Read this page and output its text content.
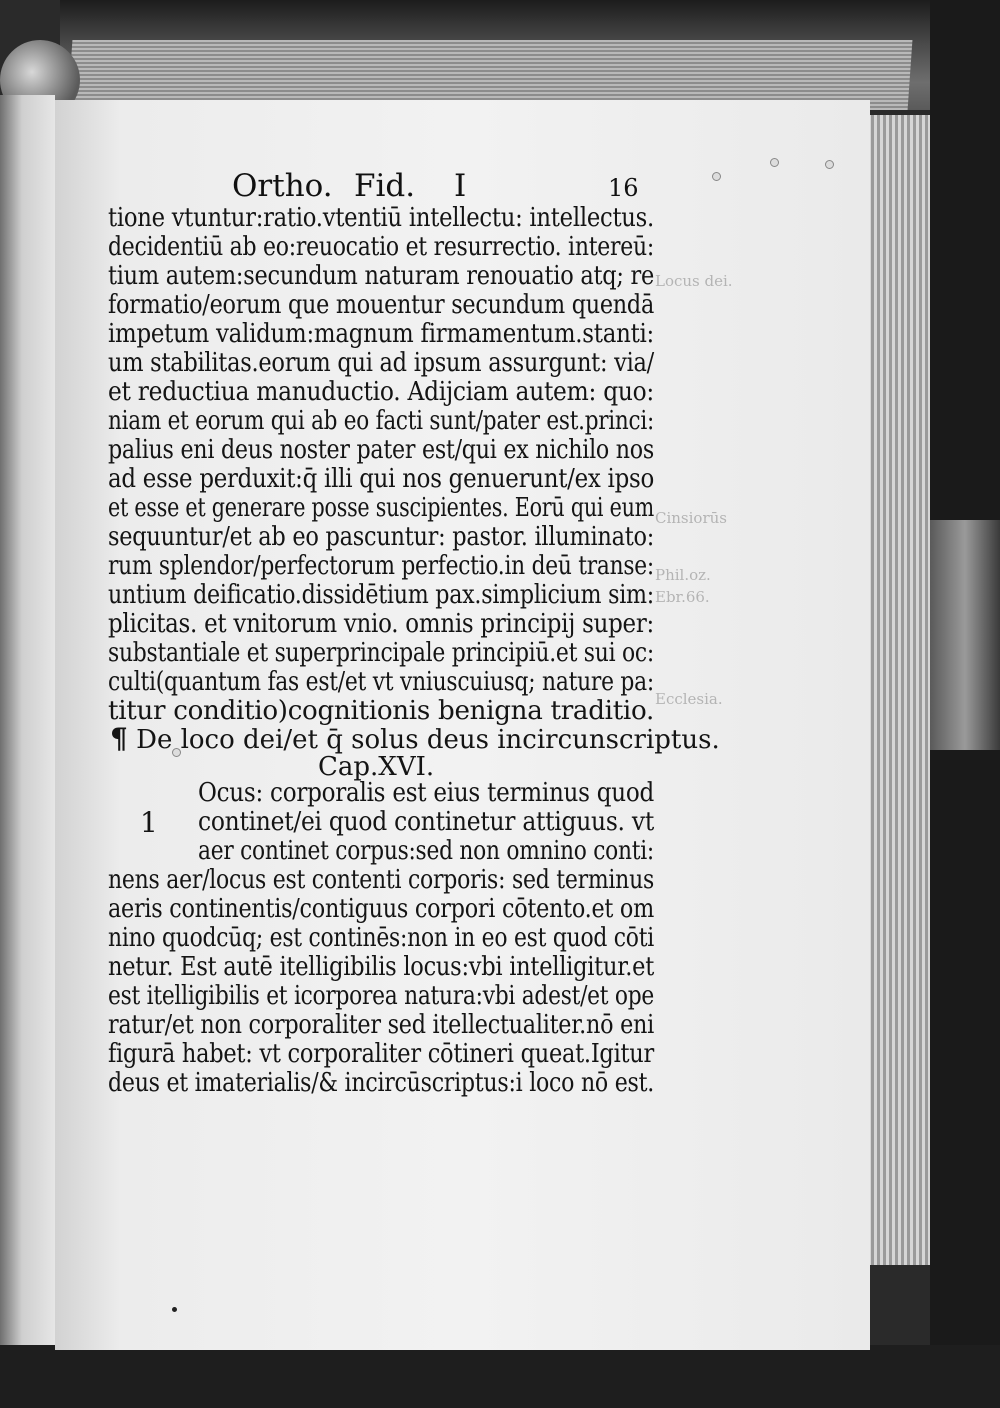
Locus dei.
Cinsiorūs
Phil.oz.
Ebr.66.
Ecclesia.
Ortho. Fid. I	16
tione vtuntur:ratio.vtentiū intellectu: intellectus.
decidentiū ab eo:reuocatio et resurrectio. intereū:
tium autem:secundum naturam renouatio atq; re
formatio/eorum que mouentur secundum quendā
impetum validum:magnum firmamentum.stanti:
um stabilitas.eorum qui ad ipsum assurgunt: via/
et reductiua manuductio. Adijciam autem: quo:
niam et eorum qui ab eo facti sunt/pater est.princi:
palius eni deus noster pater est/qui ex nichilo nos
ad esse perduxit:q̄ illi qui nos genuerunt/ex ipso
et esse et generare posse suscipientes. Eorū qui eum
sequuntur/et ab eo pascuntur: pastor. illuminato:
rum splendor/perfectorum perfectio.in deū transe:
untium deificatio.dissidētium pax.simplicium sim:
plicitas. et vnitorum vnio. omnis principij super:
substantiale et superprincipale principiū.et sui oc:
culti(quantum fas est/et vt vniuscuiusq; nature pa:
titur conditio)cognitionis benigna traditio.
¶ De loco dei/et q̄ solus deus incircunscriptus.
Cap.XVI.
1
Ocus: corporalis est eius terminus quod
continet/ei quod continetur attiguus. vt
aer continet corpus:sed non omnino conti:
nens aer/locus est contenti corporis: sed terminus
aeris continentis/contiguus corpori cōtento.et om
nino quodcūq; est continēs:non in eo est quod cōti
netur. Est autē itelligibilis locus:vbi intelligitur.et
est itelligibilis et icorporea natura:vbi adest/et ope
ratur/et non corporaliter sed itellectualiter.nō eni
figurā habet: vt corporaliter cōtineri queat.Igitur
deus et imaterialis/& incircūscriptus:i loco nō est.
